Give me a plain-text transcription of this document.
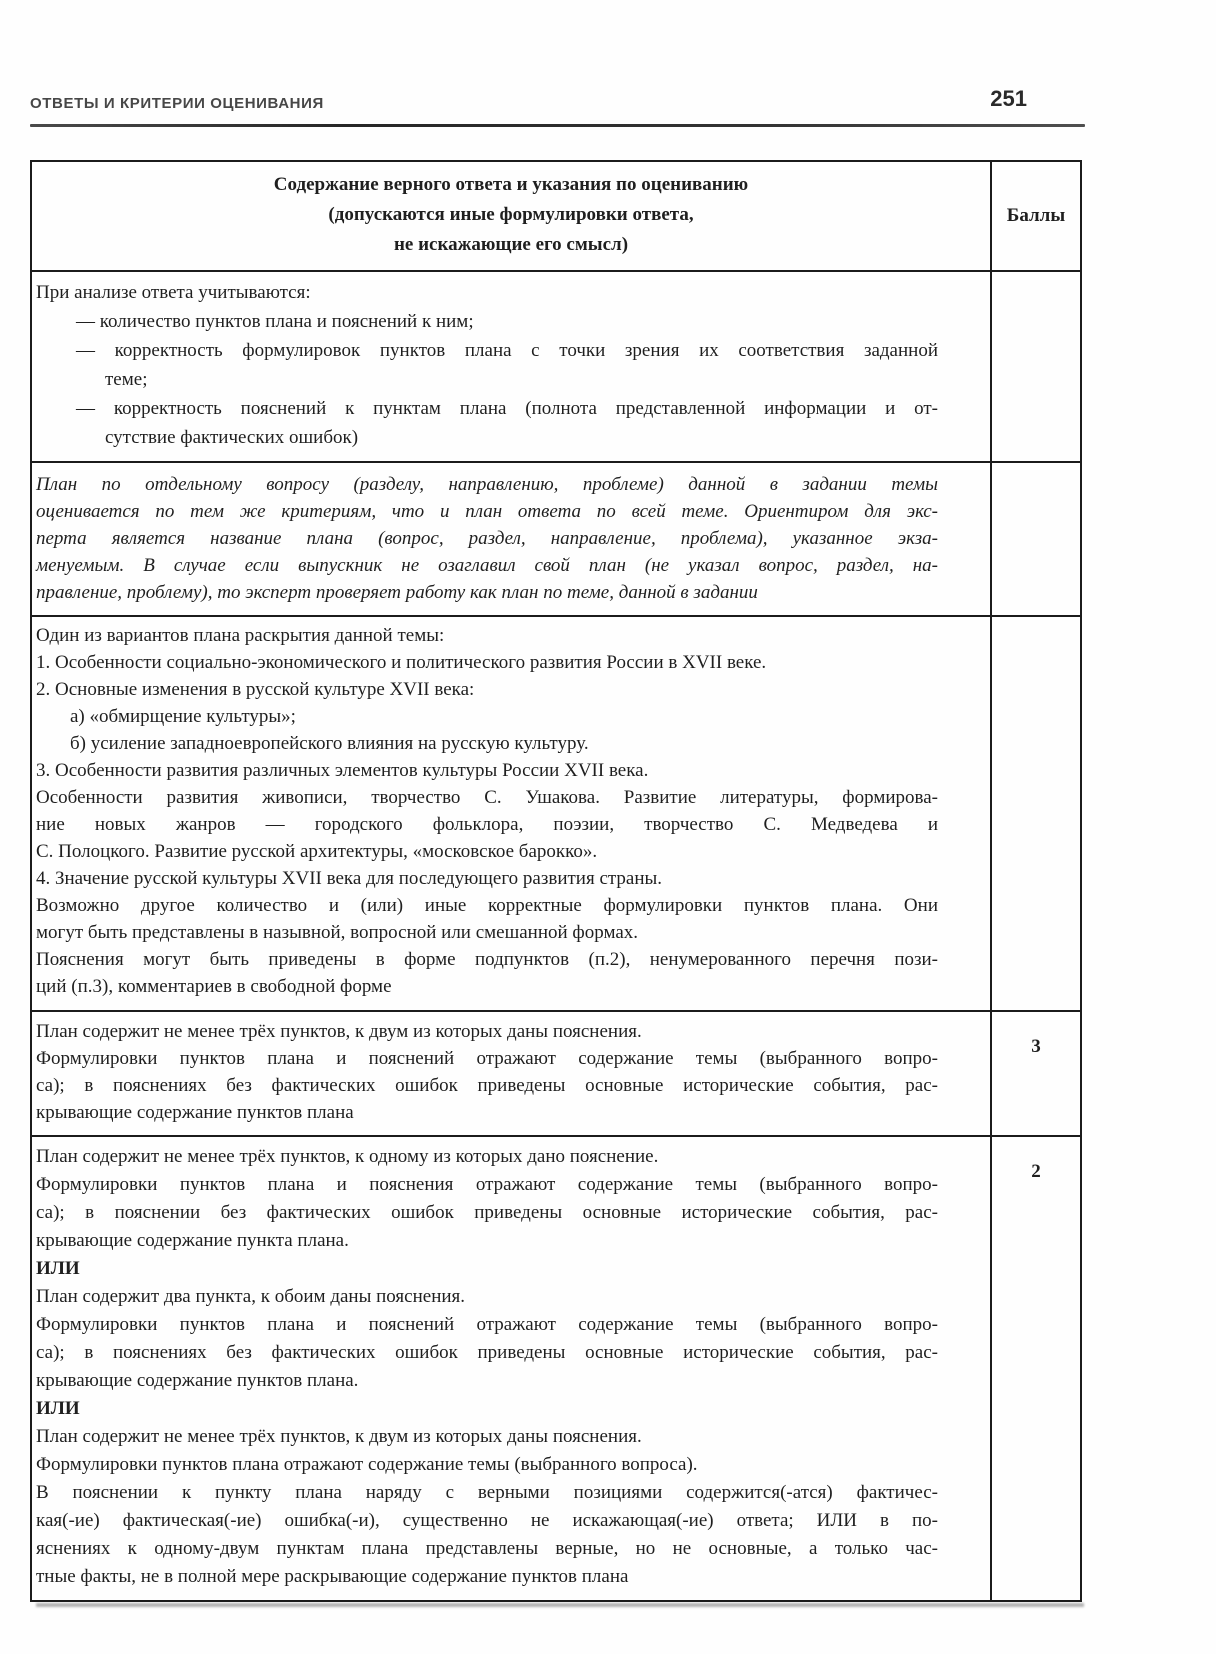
ОТВЕТЫ И КРИТЕРИИ ОЦЕНИВАНИЯ	251
Содержание верного ответа и указания по оцениванию
(допускаются иные формулировки ответа,
не искажающие его смысл)
Баллы
При анализе ответа учитываются:
— количество пунктов плана и пояснений к ним;
— корректность формулировок пунктов плана с точки зрения их соответствия заданной
теме;
— корректность пояснений к пунктам плана (полнота представленной информации и от-
сутствие фактических ошибок)
План по отдельному вопросу (разделу, направлению, проблеме) данной в задании темы
оценивается по тем же критериям, что и план ответа по всей теме. Ориентиром для экс-
перта является название плана (вопрос, раздел, направление, проблема), указанное экза-
менуемым. В случае если выпускник не озаглавил свой план (не указал вопрос, раздел, на-
правление, проблему), то эксперт проверяет работу как план по теме, данной в задании
Один из вариантов плана раскрытия данной темы:
1. Особенности социально-экономического и политического развития России в XVII веке.
2. Основные изменения в русской культуре XVII века:
а) «обмирщение культуры»;
б) усиление западноевропейского влияния на русскую культуру.
3. Особенности развития различных элементов культуры России XVII века.
Особенности развития живописи, творчество С. Ушакова. Развитие литературы, формирова-
ние новых жанров — городского фольклора, поэзии, творчество С. Медведева и
С. Полоцкого. Развитие русской архитектуры, «московское барокко».
4. Значение русской культуры XVII века для последующего развития страны.
Возможно другое количество и (или) иные корректные формулировки пунктов плана. Они
могут быть представлены в назывной, вопросной или смешанной формах.
Пояснения могут быть приведены в форме подпунктов (п.2), ненумерованного перечня пози-
ций (п.3), комментариев в свободной форме
План содержит не менее трёх пунктов, к двум из которых даны пояснения.
Формулировки пунктов плана и пояснений отражают содержание темы (выбранного вопро-
са); в пояснениях без фактических ошибок приведены основные исторические события, рас-
крывающие содержание пунктов плана
3
План содержит не менее трёх пунктов, к одному из которых дано пояснение.
Формулировки пунктов плана и пояснения отражают содержание темы (выбранного вопро-
са); в пояснении без фактических ошибок приведены основные исторические события, рас-
крывающие содержание пункта плана.
ИЛИ
План содержит два пункта, к обоим даны пояснения.
Формулировки пунктов плана и пояснений отражают содержание темы (выбранного вопро-
са); в пояснениях без фактических ошибок приведены основные исторические события, рас-
крывающие содержание пунктов плана.
ИЛИ
План содержит не менее трёх пунктов, к двум из которых даны пояснения.
Формулировки пунктов плана отражают содержание темы (выбранного вопроса).
В пояснении к пункту плана наряду с верными позициями содержится(-атся) фактичес-
кая(-ие) фактическая(-ие) ошибка(-и), существенно не искажающая(-ие) ответа; ИЛИ в по-
яснениях к одному-двум пунктам плана представлены верные, но не основные, а только час-
тные факты, не в полной мере раскрывающие содержание пунктов плана
2
